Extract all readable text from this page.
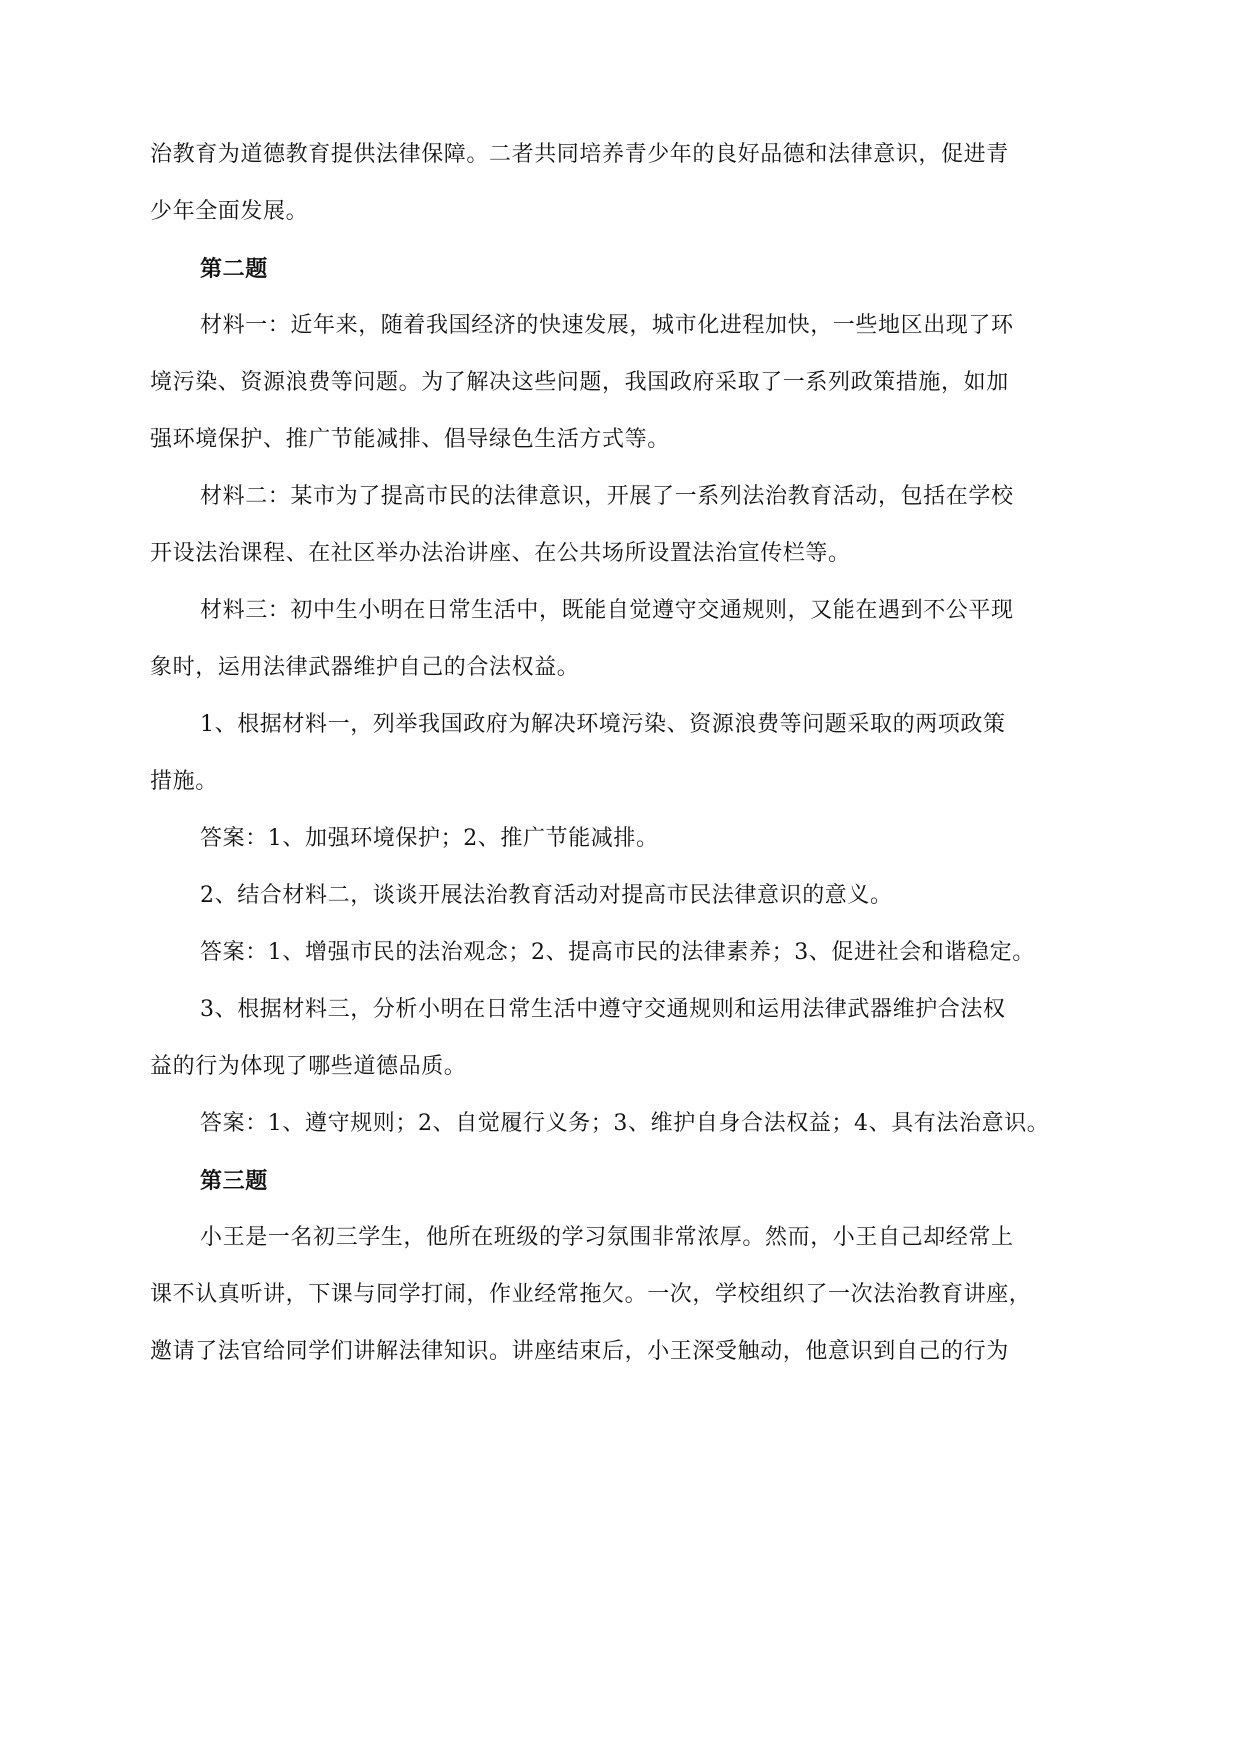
治教育为道德教育提供法律保障。二者共同培养青少年的良好品德和法律意识，促进青
少年全面发展。
第二题
材料一：近年来，随着我国经济的快速发展，城市化进程加快，一些地区出现了环
境污染、资源浪费等问题。为了解决这些问题，我国政府采取了一系列政策措施，如加
强环境保护、推广节能减排、倡导绿色生活方式等。
材料二：某市为了提高市民的法律意识，开展了一系列法治教育活动，包括在学校
开设法治课程、在社区举办法治讲座、在公共场所设置法治宣传栏等。
材料三：初中生小明在日常生活中，既能自觉遵守交通规则，又能在遇到不公平现
象时，运用法律武器维护自己的合法权益。
1、根据材料一，列举我国政府为解决环境污染、资源浪费等问题采取的两项政策
措施。
答案：1、加强环境保护；2、推广节能减排。
2、结合材料二，谈谈开展法治教育活动对提高市民法律意识的意义。
答案：1、增强市民的法治观念；2、提高市民的法律素养；3、促进社会和谐稳定。
3、根据材料三，分析小明在日常生活中遵守交通规则和运用法律武器维护合法权
益的行为体现了哪些道德品质。
答案：1、遵守规则；2、自觉履行义务；3、维护自身合法权益；4、具有法治意识。
第三题
小王是一名初三学生，他所在班级的学习氛围非常浓厚。然而，小王自己却经常上
课不认真听讲，下课与同学打闹，作业经常拖欠。一次，学校组织了一次法治教育讲座，
邀请了法官给同学们讲解法律知识。讲座结束后，小王深受触动，他意识到自己的行为
